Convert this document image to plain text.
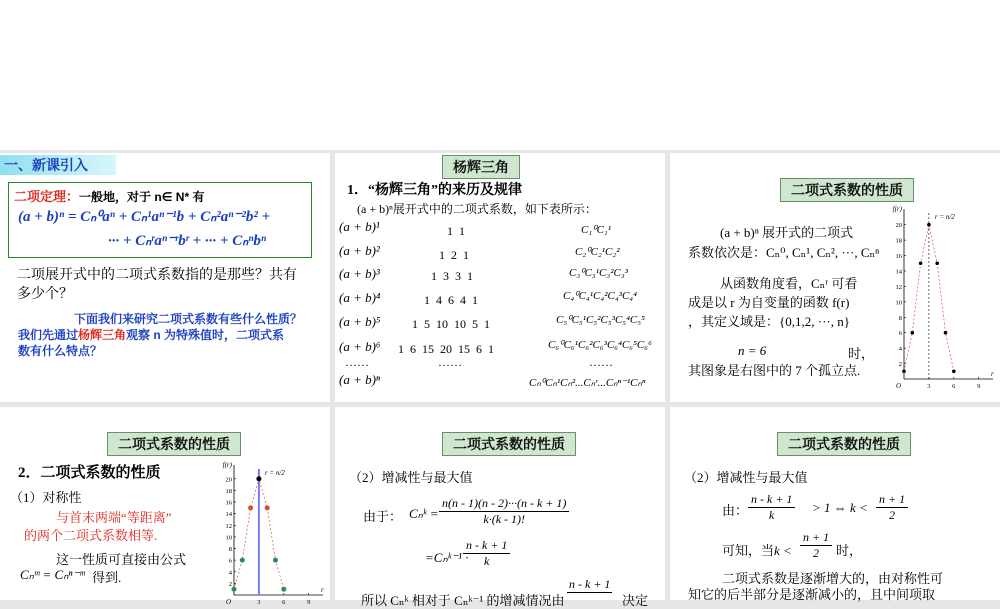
一、新课引入
二项定理：一般地，对于 n∈ N* 有
(a + b)ⁿ = Cₙ⁰aⁿ + Cₙ¹aⁿ⁻¹b + Cₙ²aⁿ⁻²b² +
··· + Cₙʳaⁿ⁻ʳbʳ + ··· + Cₙⁿbⁿ
二项展开式中的二项式系数指的是那些？共有多少个？
下面我们来研究二项式系数有些什么性质？
我们先通过杨辉三角观察 n 为特殊值时，二项式系
数有什么特点？
杨辉三角
1．“杨辉三角”的来历及规律
(a + b)ⁿ展开式中的二项式系数，如下表所示：
(a + b)¹	1 1	C₁⁰C₁¹
(a + b)²	1 2 1	C₂⁰C₂¹C₂²
(a + b)³	1 3 3 1	C₃⁰C₃¹C₃²C₃³
(a + b)⁴	1 4 6 4 1	C₄⁰C₄¹C₄²C₄³C₄⁴
(a + b)⁵	1 5 10 10 5 1	C₅⁰C₅¹C₅²C₅³C₅⁴C₅⁵
(a + b)⁶ 1 6 15 20 15 6 1	C₆⁰C₆¹C₆²C₆³C₆⁴C₆⁵C₆⁶
……	……	……
(a + b)ⁿ	Cₙ⁰Cₙ¹Cₙ²...Cₙʳ...Cₙⁿ⁻¹Cₙⁿ
二项式系数的性质
(a + b)ⁿ 展开式的二项式
系数依次是：Cₙ⁰, Cₙ¹, Cₙ², ···, Cₙⁿ
从函数角度看，Cₙʳ 可看
成是以 r 为自变量的函数 f(r)
，其定义域是：{0,1,2, ···, n}
n = 6	时，
其图象是右图中的 7 个孤立点.
f(r)
r
O
2
4
6
8
10
12
14
16
18
20
3	6	9
r = n/2
二项式系数的性质
2．二项式系数的性质
（1）对称性
与首末两端“等距离”
的两个二项式系数相等.
这一性质可直接由公式
Cₙᵐ = Cₙⁿ⁻ᵐ 得到.
f(r)
r
O
2
4
6
8
10
12
14
16
18
20
3	6	9
r = n/2
二项式系数的性质
（2）增减性与最大值
由于： Cₙᵏ = $\frac{n(n - 1)(n - 2)\cdot\cdot\cdot(n - k + 1)}{k\cdot(k - 1)!}$
=Cₙᵏ⁻¹ ·
$\frac{n - k + 1}{k}$
所以 Cₙᵏ 相对于 Cₙᵏ⁻¹ 的增减情况由
n - k + 1
决定
二项式系数的性质
（2）增减性与最大值
由： $\frac{n - k + 1}{k} > 1$ ⇔ $k < \frac{n + 1}{2}$
可知，当$k < \frac{n + 1}{2}$ 时，
二项式系数是逐渐增大的，由对称性可
知它的后半部分是逐渐减小的，且中间项取
